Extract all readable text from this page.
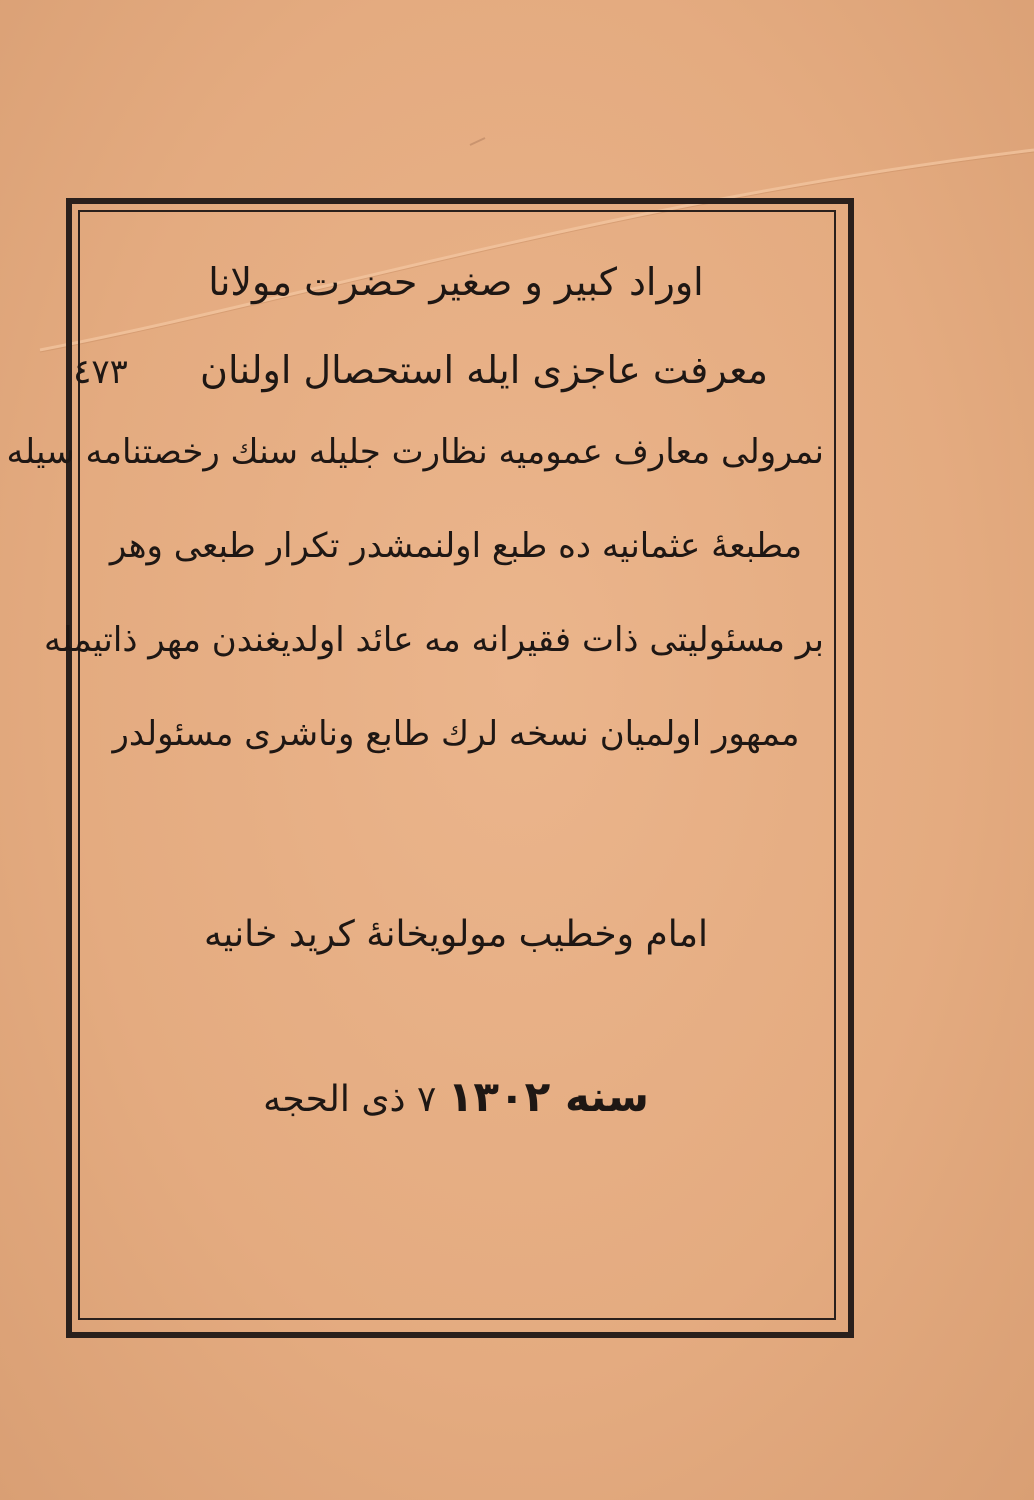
اوراد كبير و صغير حضرت مولانا
معرفت عاجزى ايله استحصال اولنان ٤٧٣
نمرولى معارف عموميه نظارت جليله سنك رخصتنامه سيله
مطبعهٔ عثمانيه ده طبع اولنمشدر تكرار طبعى وهر
بر مسئوليتى ذات فقيرانه مه عائد اولديغندن مهر ذاتيمله
ممهور اولميان نسخه لرك طابع وناشرى مسئولدر
امام وخطيب مولويخانهٔ كريد خانيه
سنه ١٣٠٢ ٧ ذى الحجه
